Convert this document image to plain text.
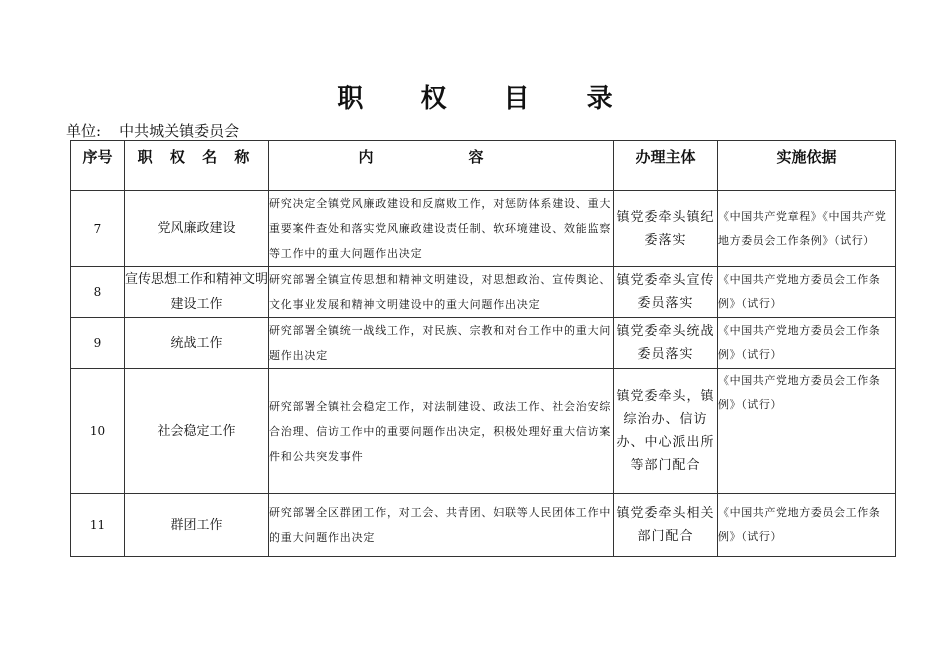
职 权 目 录
单位: 中共城关镇委员会
序号	职 权 名 称	内　容	办理主体	实施依据
7	党风廉政建设	研究决定全镇党风廉政建设和反腐败工作，对惩防体系建设、重大重要案件查处和落实党风廉政建设责任制、软环境建设、效能监察等工作中的重大问题作出决定	镇党委牵头镇纪委落实	《中国共产党章程》《中国共产党地方委员会工作条例》（试行）
8	宣传思想工作和精神文明建设工作	研究部署全镇宣传思想和精神文明建设，对思想政治、宣传舆论、文化事业发展和精神文明建设中的重大问题作出决定	镇党委牵头宣传委员落实	《中国共产党地方委员会工作条例》（试行）
9	统战工作	研究部署全镇统一战线工作，对民族、宗教和对台工作中的重大问题作出决定	镇党委牵头统战委员落实	《中国共产党地方委员会工作条例》（试行）
10	社会稳定工作	研究部署全镇社会稳定工作，对法制建设、政法工作、社会治安综合治理、信访工作中的重要问题作出决定，积极处理好重大信访案件和公共突发事件	镇党委牵头，镇综治办、信访办、中心派出所等部门配合	《中国共产党地方委员会工作条例》（试行）
11	群团工作	研究部署全区群团工作，对工会、共青团、妇联等人民团体工作中的重大问题作出决定	镇党委牵头相关部门配合	《中国共产党地方委员会工作条例》（试行）
